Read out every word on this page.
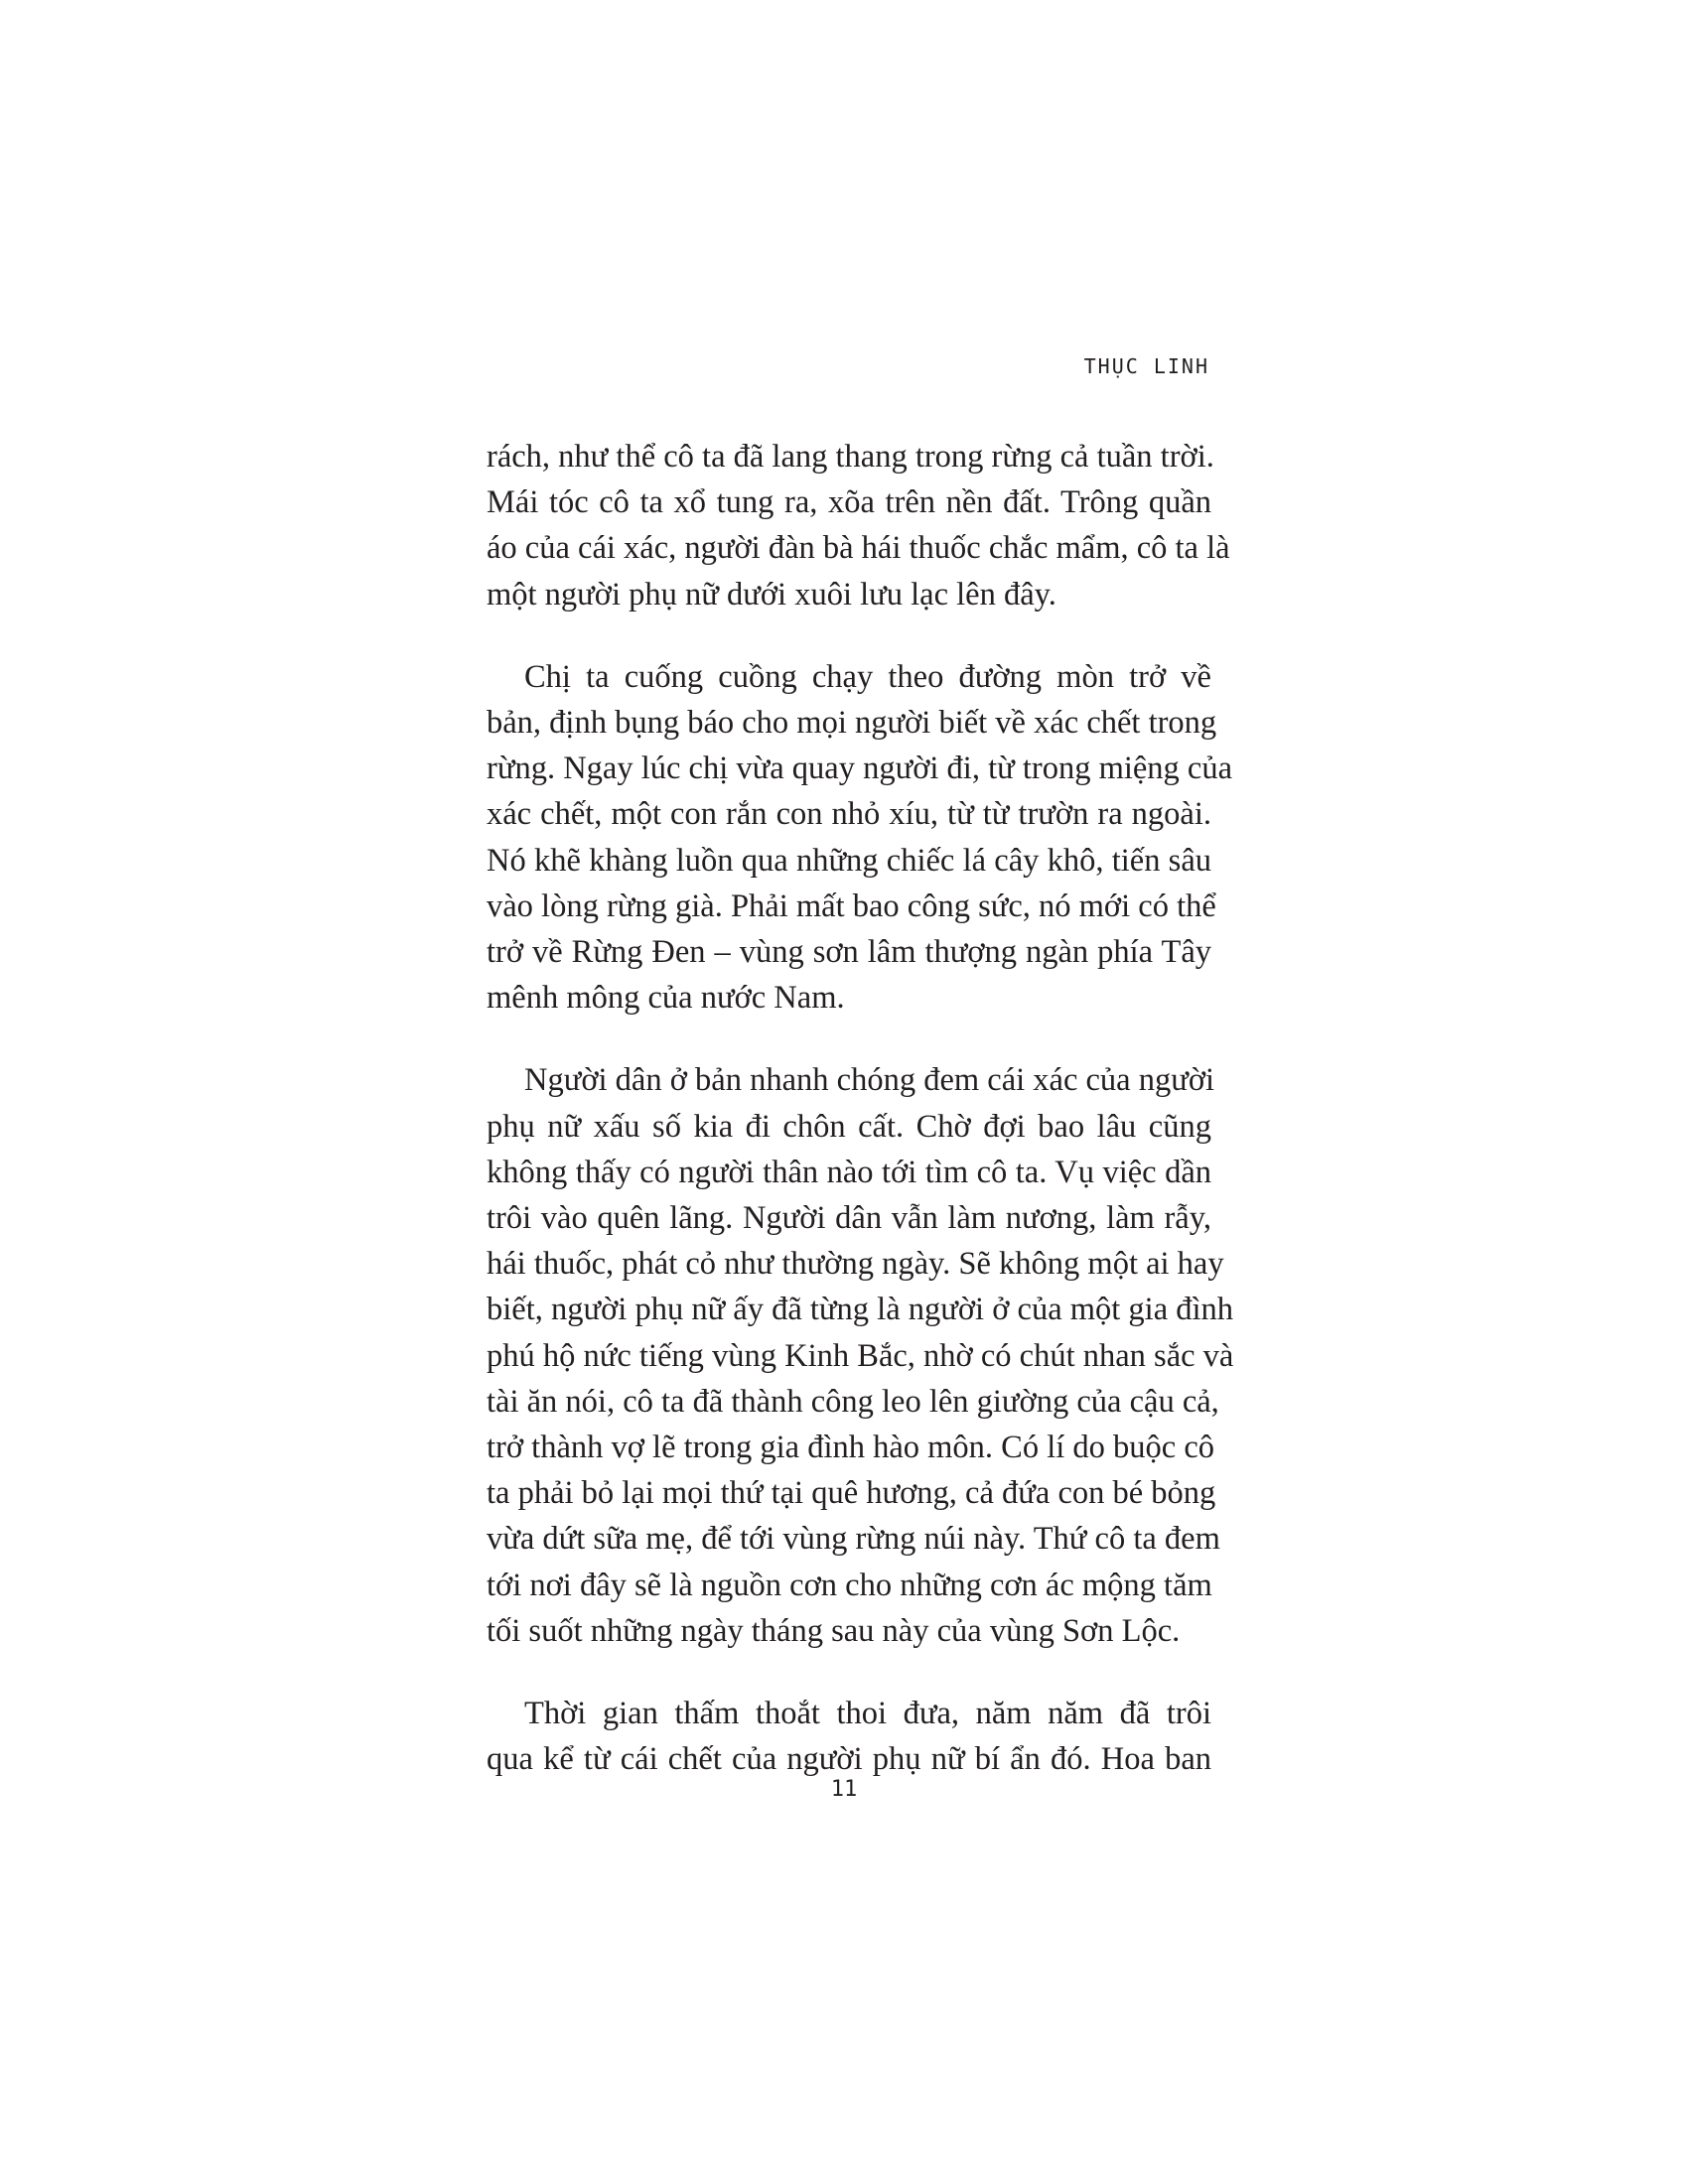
THỤC LINH
rách, như thể cô ta đã lang thang trong rừng cả tuần trời.
Mái tóc cô ta xổ tung ra, xõa trên nền đất. Trông quần
áo của cái xác, người đàn bà hái thuốc chắc mẩm, cô ta là
một người phụ nữ dưới xuôi lưu lạc lên đây.
Chị ta cuống cuồng chạy theo đường mòn trở về
bản, định bụng báo cho mọi người biết về xác chết trong
rừng. Ngay lúc chị vừa quay người đi, từ trong miệng của
xác chết, một con rắn con nhỏ xíu, từ từ trườn ra ngoài.
Nó khẽ khàng luồn qua những chiếc lá cây khô, tiến sâu
vào lòng rừng già. Phải mất bao công sức, nó mới có thể
trở về Rừng Đen – vùng sơn lâm thượng ngàn phía Tây
mênh mông của nước Nam.
Người dân ở bản nhanh chóng đem cái xác của người
phụ nữ xấu số kia đi chôn cất. Chờ đợi bao lâu cũng
không thấy có người thân nào tới tìm cô ta. Vụ việc dần
trôi vào quên lãng. Người dân vẫn làm nương, làm rẫy,
hái thuốc, phát cỏ như thường ngày. Sẽ không một ai hay
biết, người phụ nữ ấy đã từng là người ở của một gia đình
phú hộ nức tiếng vùng Kinh Bắc, nhờ có chút nhan sắc và
tài ăn nói, cô ta đã thành công leo lên giường của cậu cả,
trở thành vợ lẽ trong gia đình hào môn. Có lí do buộc cô
ta phải bỏ lại mọi thứ tại quê hương, cả đứa con bé bỏng
vừa dứt sữa mẹ, để tới vùng rừng núi này. Thứ cô ta đem
tới nơi đây sẽ là nguồn cơn cho những cơn ác mộng tăm
tối suốt những ngày tháng sau này của vùng Sơn Lộc.
Thời gian thấm thoắt thoi đưa, năm năm đã trôi
qua kể từ cái chết của người phụ nữ bí ẩn đó. Hoa ban
11
